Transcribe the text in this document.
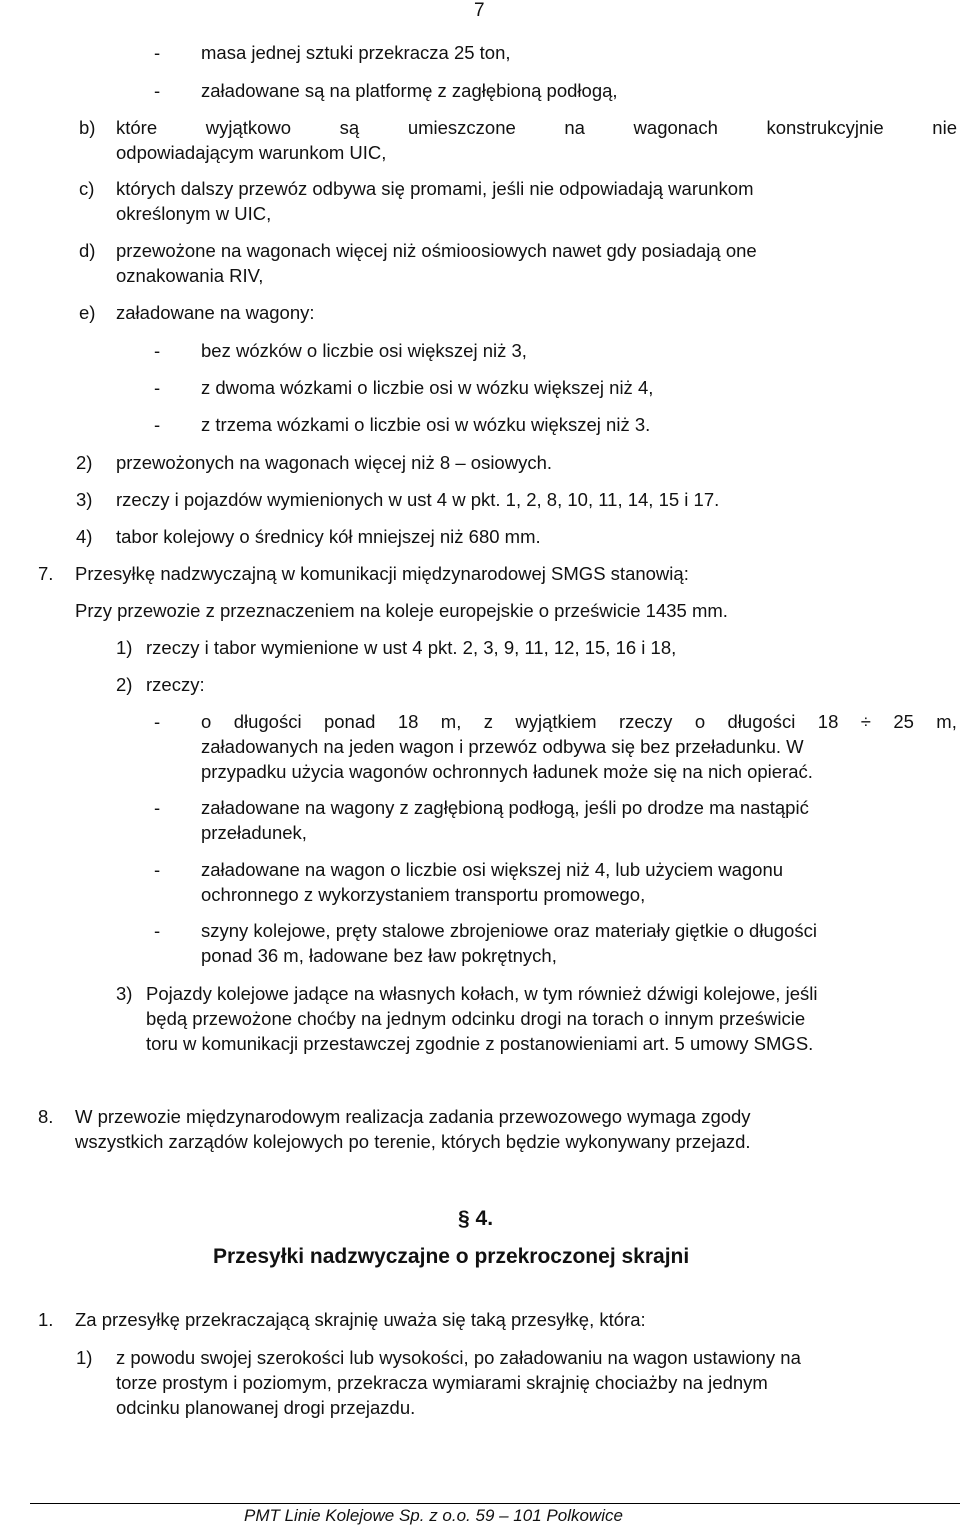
7
- masa jednej sztuki przekracza 25 ton,
- załadowane są na platformę z zagłębioną podłogą,
b) które	wyjątkowo	są	umieszczone	na	wagonach	konstrukcyjnie	nie
odpowiadającym warunkom UIC,
c) których dalszy przewóz odbywa się promami, jeśli nie odpowiadają warunkom
określonym w UIC,
d) przewożone na wagonach więcej niż ośmioosiowych nawet gdy posiadają one
oznakowania RIV,
e) załadowane na wagony:
- bez wózków o liczbie osi większej niż 3,
- z dwoma wózkami o liczbie osi w wózku większej niż 4,
- z trzema wózkami o liczbie osi w wózku większej niż 3.
2) przewożonych na wagonach więcej niż 8 – osiowych.
3) rzeczy i pojazdów wymienionych w ust 4 w pkt. 1, 2, 8, 10, 11, 14, 15 i 17.
4) tabor kolejowy o średnicy kół mniejszej niż 680 mm.
7. Przesyłkę nadzwyczajną w komunikacji międzynarodowej SMGS stanowią:
Przy przewozie z przeznaczeniem na koleje europejskie o prześwicie 1435 mm.
1) rzeczy i tabor wymienione w ust 4 pkt. 2, 3, 9, 11, 12, 15, 16 i 18,
2) rzeczy:
- o długości ponad 18 m, z wyjątkiem rzeczy o długości 18 ÷ 25 m,
załadowanych na jeden wagon i przewóz odbywa się bez przeładunku. W
przypadku użycia wagonów ochronnych ładunek może się na nich opierać.
- załadowane na wagony z zagłębioną podłogą, jeśli po drodze ma nastąpić
przeładunek,
- załadowane na wagon o liczbie osi większej niż 4, lub użyciem wagonu
ochronnego z wykorzystaniem transportu promowego,
- szyny kolejowe, pręty stalowe zbrojeniowe oraz materiały giętkie o długości
ponad 36 m, ładowane bez ław pokrętnych,
3) Pojazdy kolejowe jadące na własnych kołach, w tym również dźwigi kolejowe, jeśli
będą przewożone choćby na jednym odcinku drogi na torach o innym prześwicie
toru w komunikacji przestawczej zgodnie z postanowieniami art. 5 umowy SMGS.
8. W przewozie międzynarodowym realizacja zadania przewozowego wymaga zgody
wszystkich zarządów kolejowych po terenie, których będzie wykonywany przejazd.
§ 4.
Przesyłki nadzwyczajne o przekroczonej skrajni
1. Za przesyłkę przekraczającą skrajnię uważa się taką przesyłkę, która:
1) z powodu swojej szerokości lub wysokości, po załadowaniu na wagon ustawiony na
torze prostym i poziomym, przekracza wymiarami skrajnię chociażby na jednym
odcinku planowanej drogi przejazdu.
PMT Linie Kolejowe Sp. z o.o. 59 – 101 Polkowice
